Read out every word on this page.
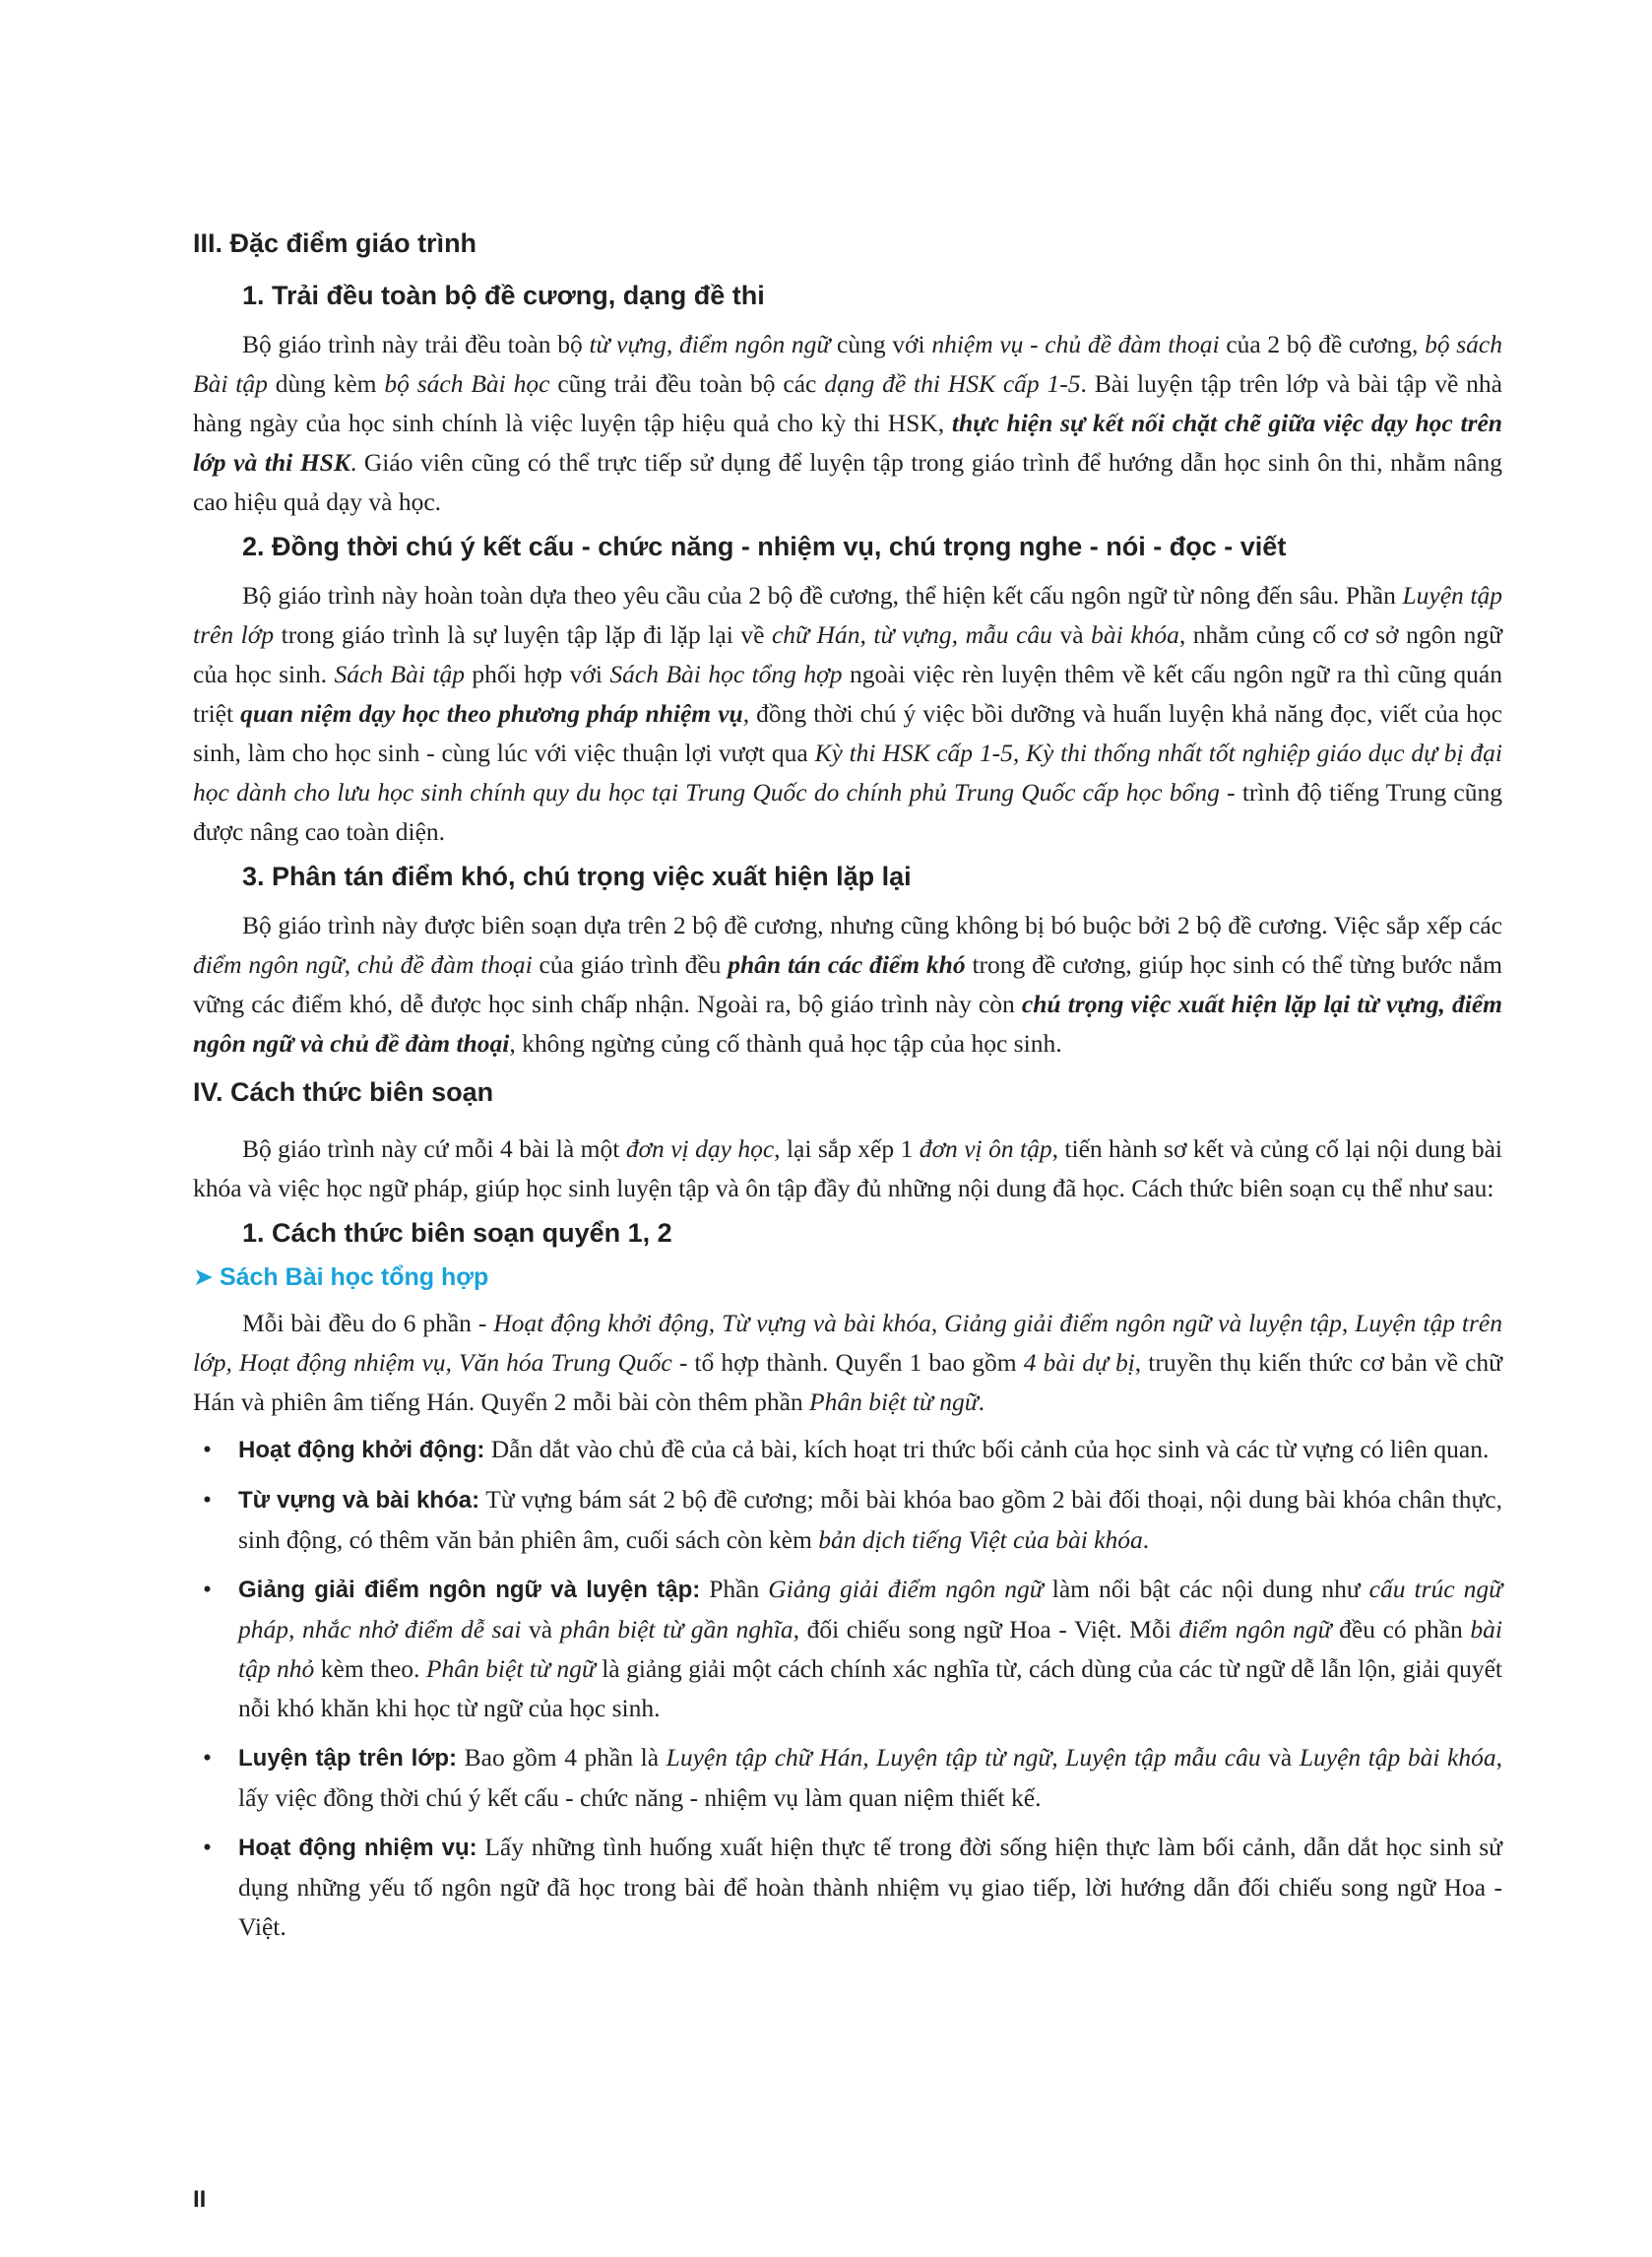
III. Đặc điểm giáo trình
1. Trải đều toàn bộ đề cương, dạng đề thi

Bộ giáo trình này trải đều toàn bộ từ vựng, điểm ngôn ngữ cùng với nhiệm vụ - chủ đề đàm thoại của 2 bộ đề cương, bộ sách Bài tập dùng kèm bộ sách Bài học cũng trải đều toàn bộ các dạng đề thi HSK cấp 1-5. Bài luyện tập trên lớp và bài tập về nhà hàng ngày của học sinh chính là việc luyện tập hiệu quả cho kỳ thi HSK, thực hiện sự kết nối chặt chẽ giữa việc dạy học trên lớp và thi HSK. Giáo viên cũng có thể trực tiếp sử dụng để luyện tập trong giáo trình để hướng dẫn học sinh ôn thi, nhằm nâng cao hiệu quả dạy và học.

2. Đồng thời chú ý kết cấu - chức năng - nhiệm vụ, chú trọng nghe - nói - đọc - viết

Bộ giáo trình này hoàn toàn dựa theo yêu cầu của 2 bộ đề cương, thể hiện kết cấu ngôn ngữ từ nông đến sâu. Phần Luyện tập trên lớp trong giáo trình là sự luyện tập lặp đi lặp lại về chữ Hán, từ vựng, mẫu câu và bài khóa, nhằm củng cố cơ sở ngôn ngữ của học sinh. Sách Bài tập phối hợp với Sách Bài học tổng hợp ngoài việc rèn luyện thêm về kết cấu ngôn ngữ ra thì cũng quán triệt quan niệm dạy học theo phương pháp nhiệm vụ, đồng thời chú ý việc bồi dưỡng và huấn luyện khả năng đọc, viết của học sinh, làm cho học sinh - cùng lúc với việc thuận lợi vượt qua Kỳ thi HSK cấp 1-5, Kỳ thi thống nhất tốt nghiệp giáo dục dự bị đại học dành cho lưu học sinh chính quy du học tại Trung Quốc do chính phủ Trung Quốc cấp học bổng - trình độ tiếng Trung cũng được nâng cao toàn diện.

3. Phân tán điểm khó, chú trọng việc xuất hiện lặp lại

Bộ giáo trình này được biên soạn dựa trên 2 bộ đề cương, nhưng cũng không bị bó buộc bởi 2 bộ đề cương. Việc sắp xếp các điểm ngôn ngữ, chủ đề đàm thoại của giáo trình đều phân tán các điểm khó trong đề cương, giúp học sinh có thể từng bước nắm vững các điểm khó, dễ được học sinh chấp nhận. Ngoài ra, bộ giáo trình này còn chú trọng việc xuất hiện lặp lại từ vựng, điểm ngôn ngữ và chủ đề đàm thoại, không ngừng củng cố thành quả học tập của học sinh.

IV. Cách thức biên soạn

Bộ giáo trình này cứ mỗi 4 bài là một đơn vị dạy học, lại sắp xếp 1 đơn vị ôn tập, tiến hành sơ kết và củng cố lại nội dung bài khóa và việc học ngữ pháp, giúp học sinh luyện tập và ôn tập đầy đủ những nội dung đã học. Cách thức biên soạn cụ thể như sau:

1. Cách thức biên soạn quyển 1, 2
➤ Sách Bài học tổng hợp

Mỗi bài đều do 6 phần - Hoạt động khởi động, Từ vựng và bài khóa, Giảng giải điểm ngôn ngữ và luyện tập, Luyện tập trên lớp, Hoạt động nhiệm vụ, Văn hóa Trung Quốc - tổ hợp thành. Quyển 1 bao gồm 4 bài dự bị, truyền thụ kiến thức cơ bản về chữ Hán và phiên âm tiếng Hán. Quyển 2 mỗi bài còn thêm phần Phân biệt từ ngữ.

• Hoạt động khởi động: Dẫn dắt vào chủ đề của cả bài, kích hoạt tri thức bối cảnh của học sinh và các từ vựng có liên quan.
• Từ vựng và bài khóa: Từ vựng bám sát 2 bộ đề cương; mỗi bài khóa bao gồm 2 bài đối thoại, nội dung bài khóa chân thực, sinh động, có thêm văn bản phiên âm, cuối sách còn kèm bản dịch tiếng Việt của bài khóa.
• Giảng giải điểm ngôn ngữ và luyện tập: Phần Giảng giải điểm ngôn ngữ làm nổi bật các nội dung như cấu trúc ngữ pháp, nhắc nhở điểm dễ sai và phân biệt từ gần nghĩa, đối chiếu song ngữ Hoa - Việt. Mỗi điểm ngôn ngữ đều có phần bài tập nhỏ kèm theo. Phân biệt từ ngữ là giảng giải một cách chính xác nghĩa từ, cách dùng của các từ ngữ dễ lẫn lộn, giải quyết nỗi khó khăn khi học từ ngữ của học sinh.
• Luyện tập trên lớp: Bao gồm 4 phần là Luyện tập chữ Hán, Luyện tập từ ngữ, Luyện tập mẫu câu và Luyện tập bài khóa, lấy việc đồng thời chú ý kết cấu - chức năng - nhiệm vụ làm quan niệm thiết kế.
• Hoạt động nhiệm vụ: Lấy những tình huống xuất hiện thực tế trong đời sống hiện thực làm bối cảnh, dẫn dắt học sinh sử dụng những yếu tố ngôn ngữ đã học trong bài để hoàn thành nhiệm vụ giao tiếp, lời hướng dẫn đối chiếu song ngữ Hoa - Việt.
II
